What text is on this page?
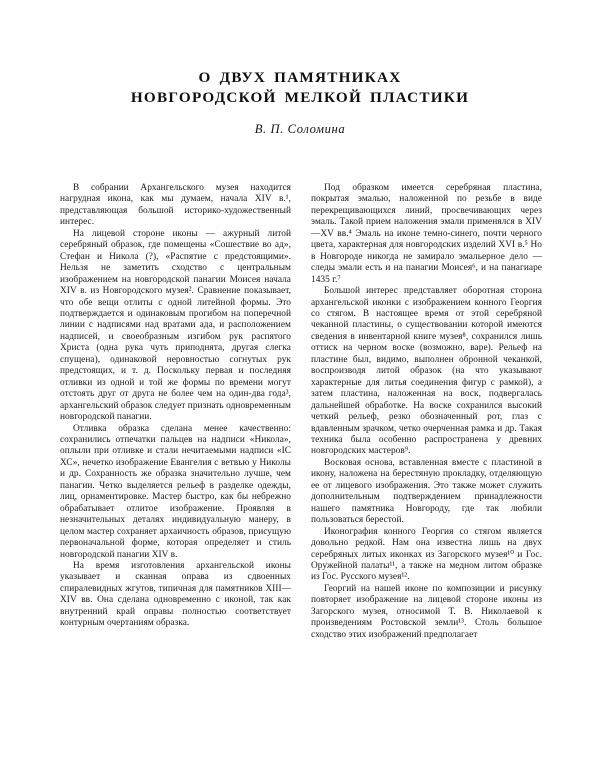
О ДВУХ ПАМЯТНИКАХ
НОВГОРОДСКОЙ МЕЛКОЙ ПЛАСТИКИ
В. П. Соломина

В собрании Архангельского музея находится нагрудная икона, как мы думаем, начала XIV в.¹, представляющая большой историко-художественный интерес.

На лицевой стороне иконы — ажурный литой серебряный образок, где помещены «Сошествие во ад», Стефан и Никола (?), «Распятие с предстоящими». Нельзя не заметить сходство с центральным изображением на новгородской панагии Моисея начала XIV в. из Новгородского музея². Сравнение показывает, что обе вещи отлиты с одной литейной формы. Это подтверждается и одинаковым прогибом на поперечной линии с надписями над вратами ада, и расположением надписей, и своеобразным изгибом рук распятого Христа (одна рука чуть приподнята, другая слегка спущена), одинаковой неровностью согнутых рук предстоящих, и т. д. Поскольку первая и последняя отливки из одной и той же формы по времени могут отстоять друг от друга не более чем на один-два года³, архангельский образок следует признать одновременным новгородской панагии.

Отливка образка сделана менее качественно: сохранились отпечатки пальцев на надписи «Никола», оплыли при отливке и стали нечитаемыми надписи «IС ХС», нечетко изображение Евангелия с ветвью у Николы и др. Сохранность же образка значительно лучше, чем панагии. Четко выделяется рельеф в разделке одежды, лиц, орнаментировке. Мастер быстро, как бы небрежно обрабатывает отлитое изображение. Проявляя в незначительных деталях индивидуальную манеру, в целом мастер сохраняет архаичность образов, присущую первоначальной форме, которая определяет и стиль новгородской панагии XIV в.

На время изготовления архангельской иконы указывает и сканная оправа из сдвоенных спиралевидных жгутов, типичная для памятников XIII—XIV вв. Она сделана одновременно с иконой, так как внутренний край оправы полностью соответствует контурным очертаниям образка.

Под образком имеется серебряная пластина, покрытая эмалью, наложенной по резьбе в виде перекрещивающихся линий, просвечивающих через эмаль. Такой прием наложения эмали применялся в XIV—XV вв.⁴ Эмаль на иконе темно-синего, почти черного цвета, характерная для новгородских изделий XVI в.⁵ Но в Новгороде никогда не замирало эмальерное дело — следы эмали есть и на панагии Моисея⁶, и на панагиаре 1435 г.⁷

Большой интерес представляет оборотная сторона архангельской иконки с изображением конного Георгия со стягом. В настоящее время от этой серебряной чеканной пластины, о существовании которой имеются сведения в инвентарной книге музея⁸, сохранился лишь оттиск на черном воске (возможно, варе). Рельеф на пластине был, видимо, выполнен обронной чеканкой, воспроизводя литой образок (на что указывают характерные для литья соединения фигур с рамкой), а затем пластина, наложенная на воск, подвергалась дальнейшей обработке. На воске сохранился высокий четкий рельеф, резко обозначенный рот, глаз с вдавленным зрачком, четко очерченная рамка и др. Такая техника была особенно распространена у древних новгородских мастеров⁹.

Восковая основа, вставленная вместе с пластиной в икону, наложена на берестяную прокладку, отделяющую ее от лицевого изображения. Это также может служить дополнительным подтверждением принадлежности нашего памятника Новгороду, где так любили пользоваться берестой.

Иконография конного Георгия со стягом является довольно редкой. Нам она известна лишь на двух серебряных литых иконках из Загорского музея¹⁰ и Гос. Оружейной палаты¹¹, а также на медном литом образке из Гос. Русского музея¹².

Георгий на нашей иконе по композиции и рисунку повторяет изображение на лицевой стороне иконы из Загорского музея, относимой Т. В. Николаевой к произведениям Ростовской земли¹³. Столь большое сходство этих изображений предполагает
